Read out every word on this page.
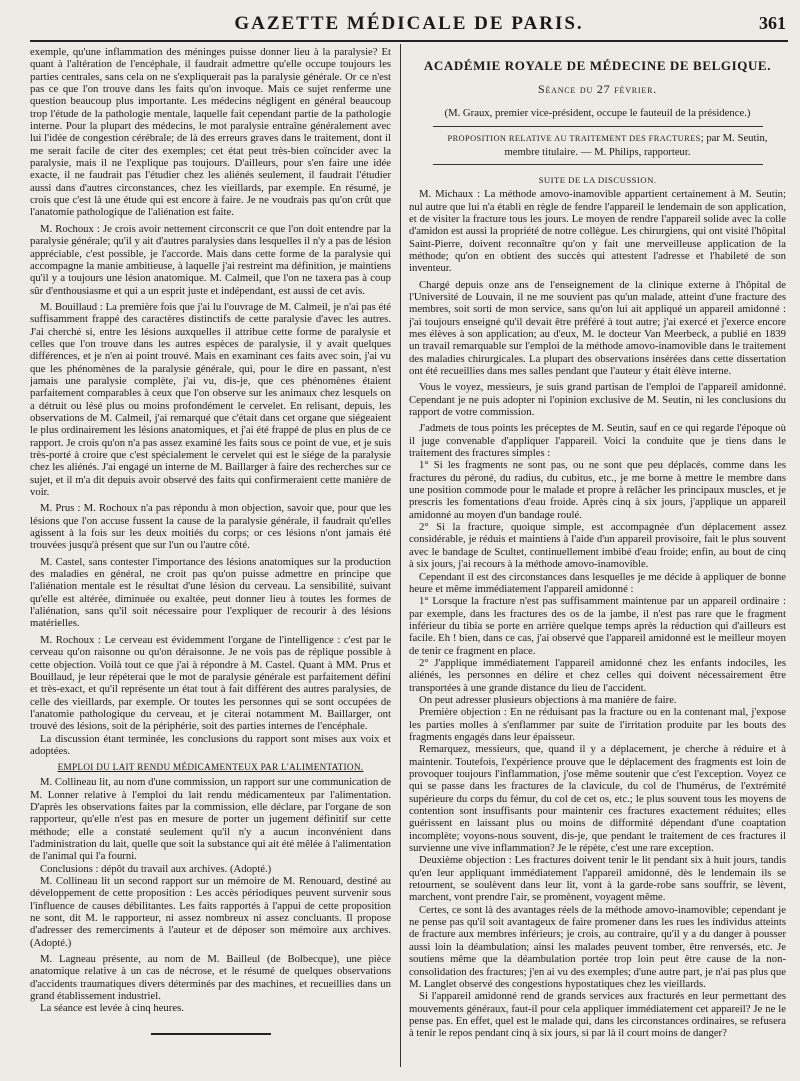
GAZETTE MÉDICALE DE PARIS.	361

exemple, qu'une inflammation des méninges puisse donner lieu à la paralysie? Et quant à l'altération de l'encéphale, il faudrait admettre qu'elle occupe toujours les parties centrales, sans cela on ne s'expliquerait pas la paralysie générale. Or ce n'est pas ce que l'on trouve dans les faits qu'on invoque. Mais ce sujet renferme une question beaucoup plus importante. Les médecins négligent en général beaucoup trop l'étude de la pathologie mentale, laquelle fait cependant partie de la pathologie interne. Pour la plupart des médecins, le mot paralysie entraîne généralement avec lui l'idée de congestion cérébrale; de là des erreurs graves dans le traitement, dont il me serait facile de citer des exemples; cet état peut très-bien coïncider avec la paralysie, mais il ne l'explique pas toujours. D'ailleurs, pour s'en faire une idée exacte, il ne faudrait pas l'étudier chez les aliénés seulement, il faudrait l'étudier aussi dans d'autres circonstances, chez les vieillards, par exemple. En résumé, je crois que c'est là une étude qui est encore à faire. Je ne voudrais pas qu'on crût que l'anatomie pathologique de l'aliénation est faite.

M. Rochoux : Je crois avoir nettement circonscrit ce que l'on doit entendre par la paralysie générale; qu'il y ait d'autres paralysies dans lesquelles il n'y a pas de lésion appréciable, c'est possible, je l'accorde. Mais dans cette forme de la paralysie qui accompagne la manie ambitieuse, à laquelle j'ai restreint ma définition, je maintiens qu'il y a toujours une lésion anatomique. M. Calmeil, que l'on ne taxera pas à coup sûr d'enthousiasme et qui a un esprit juste et indépendant, est aussi de cet avis.

M. Bouillaud : La première fois que j'ai lu l'ouvrage de M. Calmeil, je n'ai pas été suffisamment frappé des caractères distinctifs de cette paralysie d'avec les autres. J'ai cherché si, entre les lésions auxquelles il attribue cette forme de paralysie et celles que l'on trouve dans les autres espèces de paralysie, il y avait quelques différences, et je n'en ai point trouvé. Mais en examinant ces faits avec soin, j'ai vu que les phénomènes de la paralysie générale, qui, pour le dire en passant, n'est jamais une paralysie complète, j'ai vu, dis-je, que ces phénomènes étaient parfaitement comparables à ceux que l'on observe sur les animaux chez lesquels on a détruit ou lésé plus ou moins profondément le cervelet. En relisant, depuis, les observations de M. Calmeil, j'ai remarqué que c'était dans cet organe que siégeaient le plus ordinairement les lésions anatomiques, et j'ai été frappé de plus en plus de ce rapport. Je crois qu'on n'a pas assez examiné les faits sous ce point de vue, et je suis très-porté à croire que c'est spécialement le cervelet qui est le siége de la paralysie chez les aliénés. J'ai engagé un interne de M. Baillarger à faire des recherches sur ce sujet, et il m'a dit depuis avoir observé des faits qui confirmeraient cette manière de voir.

M. Prus : M. Rochoux n'a pas répondu à mon objection, savoir que, pour que les lésions que l'on accuse fussent la cause de la paralysie générale, il faudrait qu'elles agissent à la fois sur les deux moitiés du corps; or ces lésions n'ont jamais été trouvées jusqu'à présent que sur l'un ou l'autre côté.

M. Castel, sans contester l'importance des lésions anatomiques sur la production des maladies en général, ne croit pas qu'on puisse admettre en principe que l'aliénation mentale est le résultat d'une lésion du cerveau. La sensibilité, suivant qu'elle est altérée, diminuée ou exaltée, peut donner lieu à toutes les formes de l'aliénation, sans qu'il soit nécessaire pour l'expliquer de recourir à des lésions matérielles.

M. Rochoux : Le cerveau est évidemment l'organe de l'intelligence : c'est par le cerveau qu'on raisonne ou qu'on déraisonne. Je ne vois pas de réplique possible à cette objection. Voilà tout ce que j'ai à répondre à M. Castel. Quant à MM. Prus et Bouillaud, je leur répéterai que le mot de paralysie générale est parfaitement défini et très-exact, et qu'il représente un état tout à fait différent des autres paralysies, de celle des vieillards, par exemple. Or toutes les personnes qui se sont occupées de l'anatomie pathologique du cerveau, et je citerai notamment M. Baillarger, ont trouvé des lésions, soit de la périphérie, soit des parties internes de l'encéphale.

La discussion étant terminée, les conclusions du rapport sont mises aux voix et adoptées.

EMPLOI DU LAIT RENDU MÉDICAMENTEUX PAR L'ALIMENTATION.

M. Collineau lit, au nom d'une commission, un rapport sur une communication de M. Lonner relative à l'emploi du lait rendu médicamenteux par l'alimentation. D'après les observations faites par la commission, elle déclare, par l'organe de son rapporteur, qu'elle n'est pas en mesure de porter un jugement définitif sur cette méthode; elle a constaté seulement qu'il n'y a aucun inconvénient dans l'administration du lait, quelle que soit la substance qui ait été mêlée à l'alimentation de l'animal qui l'a fourni.

Conclusions : dépôt du travail aux archives. (Adopté.)

M. Collineau lit un second rapport sur un mémoire de M. Renouard, destiné au développement de cette proposition : Les accès périodiques peuvent survenir sous l'influence de causes débilitantes. Les faits rapportés à l'appui de cette proposition ne sont, dit M. le rapporteur, ni assez nombreux ni assez concluants. Il propose d'adresser des remerciments à l'auteur et de déposer son mémoire aux archives. (Adopté.)

M. Lagneau présente, au nom de M. Bailleul (de Bolbecque), une pièce anatomique relative à un cas de nécrose, et le résumé de quelques observations d'accidents traumatiques divers déterminés par des machines, et recueillies dans un grand établissement industriel.

La séance est levée à cinq heures.

ACADÉMIE ROYALE DE MÉDECINE DE BELGIQUE.
Séance du 27 février.

(M. Graux, premier vice-président, occupe le fauteuil de la présidence.)

PROPOSITION RELATIVE AU TRAITEMENT DES FRACTURES; par M. Seutin, membre titulaire. — M. Philips, rapporteur.
SUITE DE LA DISCUSSION.

M. Michaux : La méthode amovo-inamovible appartient certainement à M. Seutin; nul autre que lui n'a établi en règle de fendre l'appareil le lendemain de son application, et de visiter la fracture tous les jours. Le moyen de rendre l'appareil solide avec la colle d'amidon est aussi la propriété de notre collègue. Les chirurgiens, qui ont visité l'hôpital Saint-Pierre, doivent reconnaître qu'on y fait une merveilleuse application de la méthode; qu'on en obtient des succès qui attestent l'adresse et l'habileté de son inventeur.

Chargé depuis onze ans de l'enseignement de la clinique externe à l'hôpital de l'Université de Louvain, il ne me souvient pas qu'un malade, atteint d'une fracture des membres, soit sorti de mon service, sans qu'on lui ait appliqué un appareil amidonné : j'ai toujours enseigné qu'il devait être préféré à tout autre; j'ai exercé et j'exerce encore mes élèves à son application; au d'eux, M. le docteur Van Meerbeck, a publié en 1839 un travail remarquable sur l'emploi de la méthode amovo-inamovible dans le traitement des maladies chirurgicales. La plupart des observations insérées dans cette dissertation ont été recueillies dans mes salles pendant que l'auteur y était élève interne.

Vous le voyez, messieurs, je suis grand partisan de l'emploi de l'appareil amidonné. Cependant je ne puis adopter ni l'opinion exclusive de M. Seutin, ni les conclusions du rapport de votre commission.

J'admets de tous points les préceptes de M. Seutin, sauf en ce qui regarde l'époque où il juge convenable d'appliquer l'appareil. Voici la conduite que je tiens dans le traitement des fractures simples :

1° Si les fragments ne sont pas, ou ne sont que peu déplacés, comme dans les fractures du péroné, du radius, du cubitus, etc., je me borne à mettre le membre dans une position commode pour le malade et propre à relâcher les principaux muscles, et je prescris les fomentations d'eau froide. Après cinq à six jours, j'applique un appareil amidonné au moyen d'un bandage roulé.

2° Si la fracture, quoique simple, est accompagnée d'un déplacement assez considérable, je réduis et maintiens à l'aide d'un appareil provisoire, fait le plus souvent avec le bandage de Scultet, continuellement imbibé d'eau froide; enfin, au bout de cinq à six jours, j'ai recours à la méthode amovo-inamovible.

Cependant il est des circonstances dans lesquelles je me décide à appliquer de bonne heure et même immédiatement l'appareil amidonné :

1° Lorsque la fracture n'est pas suffisamment maintenue par un appareil ordinaire : par exemple, dans les fractures des os de la jambe, il n'est pas rare que le fragment inférieur du tibia se porte en arrière quelque temps après la réduction qui d'ailleurs est facile. Eh ! bien, dans ce cas, j'ai observé que l'appareil amidonné est le meilleur moyen de tenir ce fragment en place.

2° J'applique immédiatement l'appareil amidonné chez les enfants indociles, les aliénés, les personnes en délire et chez celles qui doivent nécessairement être transportées à une grande distance du lieu de l'accident.

On peut adresser plusieurs objections à ma manière de faire.

Première objection : En ne réduisant pas la fracture ou en la contenant mal, j'expose les parties molles à s'enflammer par suite de l'irritation produite par les bouts des fragments engagés dans leur épaisseur.

Remarquez, messieurs, que, quand il y a déplacement, je cherche à réduire et à maintenir. Toutefois, l'expérience prouve que le déplacement des fragments est loin de provoquer toujours l'inflammation, j'ose même soutenir que c'est l'exception. Voyez ce qui se passe dans les fractures de la clavicule, du col de l'humérus, de l'extrémité supérieure du corps du fémur, du col de cet os, etc.; le plus souvent tous les moyens de contention sont insuffisants pour maintenir ces fractures exactement réduites; elles guérissent en laissant plus ou moins de difformité dépendant d'une coaptation incomplète; voyons-nous souvent, dis-je, que pendant le traitement de ces fractures il survienne une vive inflammation? Je le répète, c'est une rare exception.

Deuxième objection : Les fractures doivent tenir le lit pendant six à huit jours, tandis qu'en leur appliquant immédiatement l'appareil amidonné, dès le lendemain ils se retournent, se soulèvent dans leur lit, vont à la garde-robe sans souffrir, se lèvent, marchent, vont prendre l'air, se promènent, voyagent même.

Certes, ce sont là des avantages réels de la méthode amovo-inamovible; cependant je ne pense pas qu'il soit avantageux de faire promener dans les rues les individus atteints de fracture aux membres inférieurs; je crois, au contraire, qu'il y a du danger à pousser aussi loin la déambulation; ainsi les malades peuvent tomber, être renversés, etc. Je soutiens même que la déambulation portée trop loin peut être cause de la non-consolidation des fractures; j'en ai vu des exemples; d'une autre part, je n'ai pas plus que M. Langlet observé des congestions hypostatiques chez les vieillards.

Si l'appareil amidonné rend de grands services aux fracturés en leur permettant des mouvements généraux, faut-il pour cela appliquer immédiatement cet appareil? Je ne le pense pas. En effet, quel est le malade qui, dans les circonstances ordinaires, se refusera à tenir le repos pendant cinq à six jours, si par là il court moins de danger?
